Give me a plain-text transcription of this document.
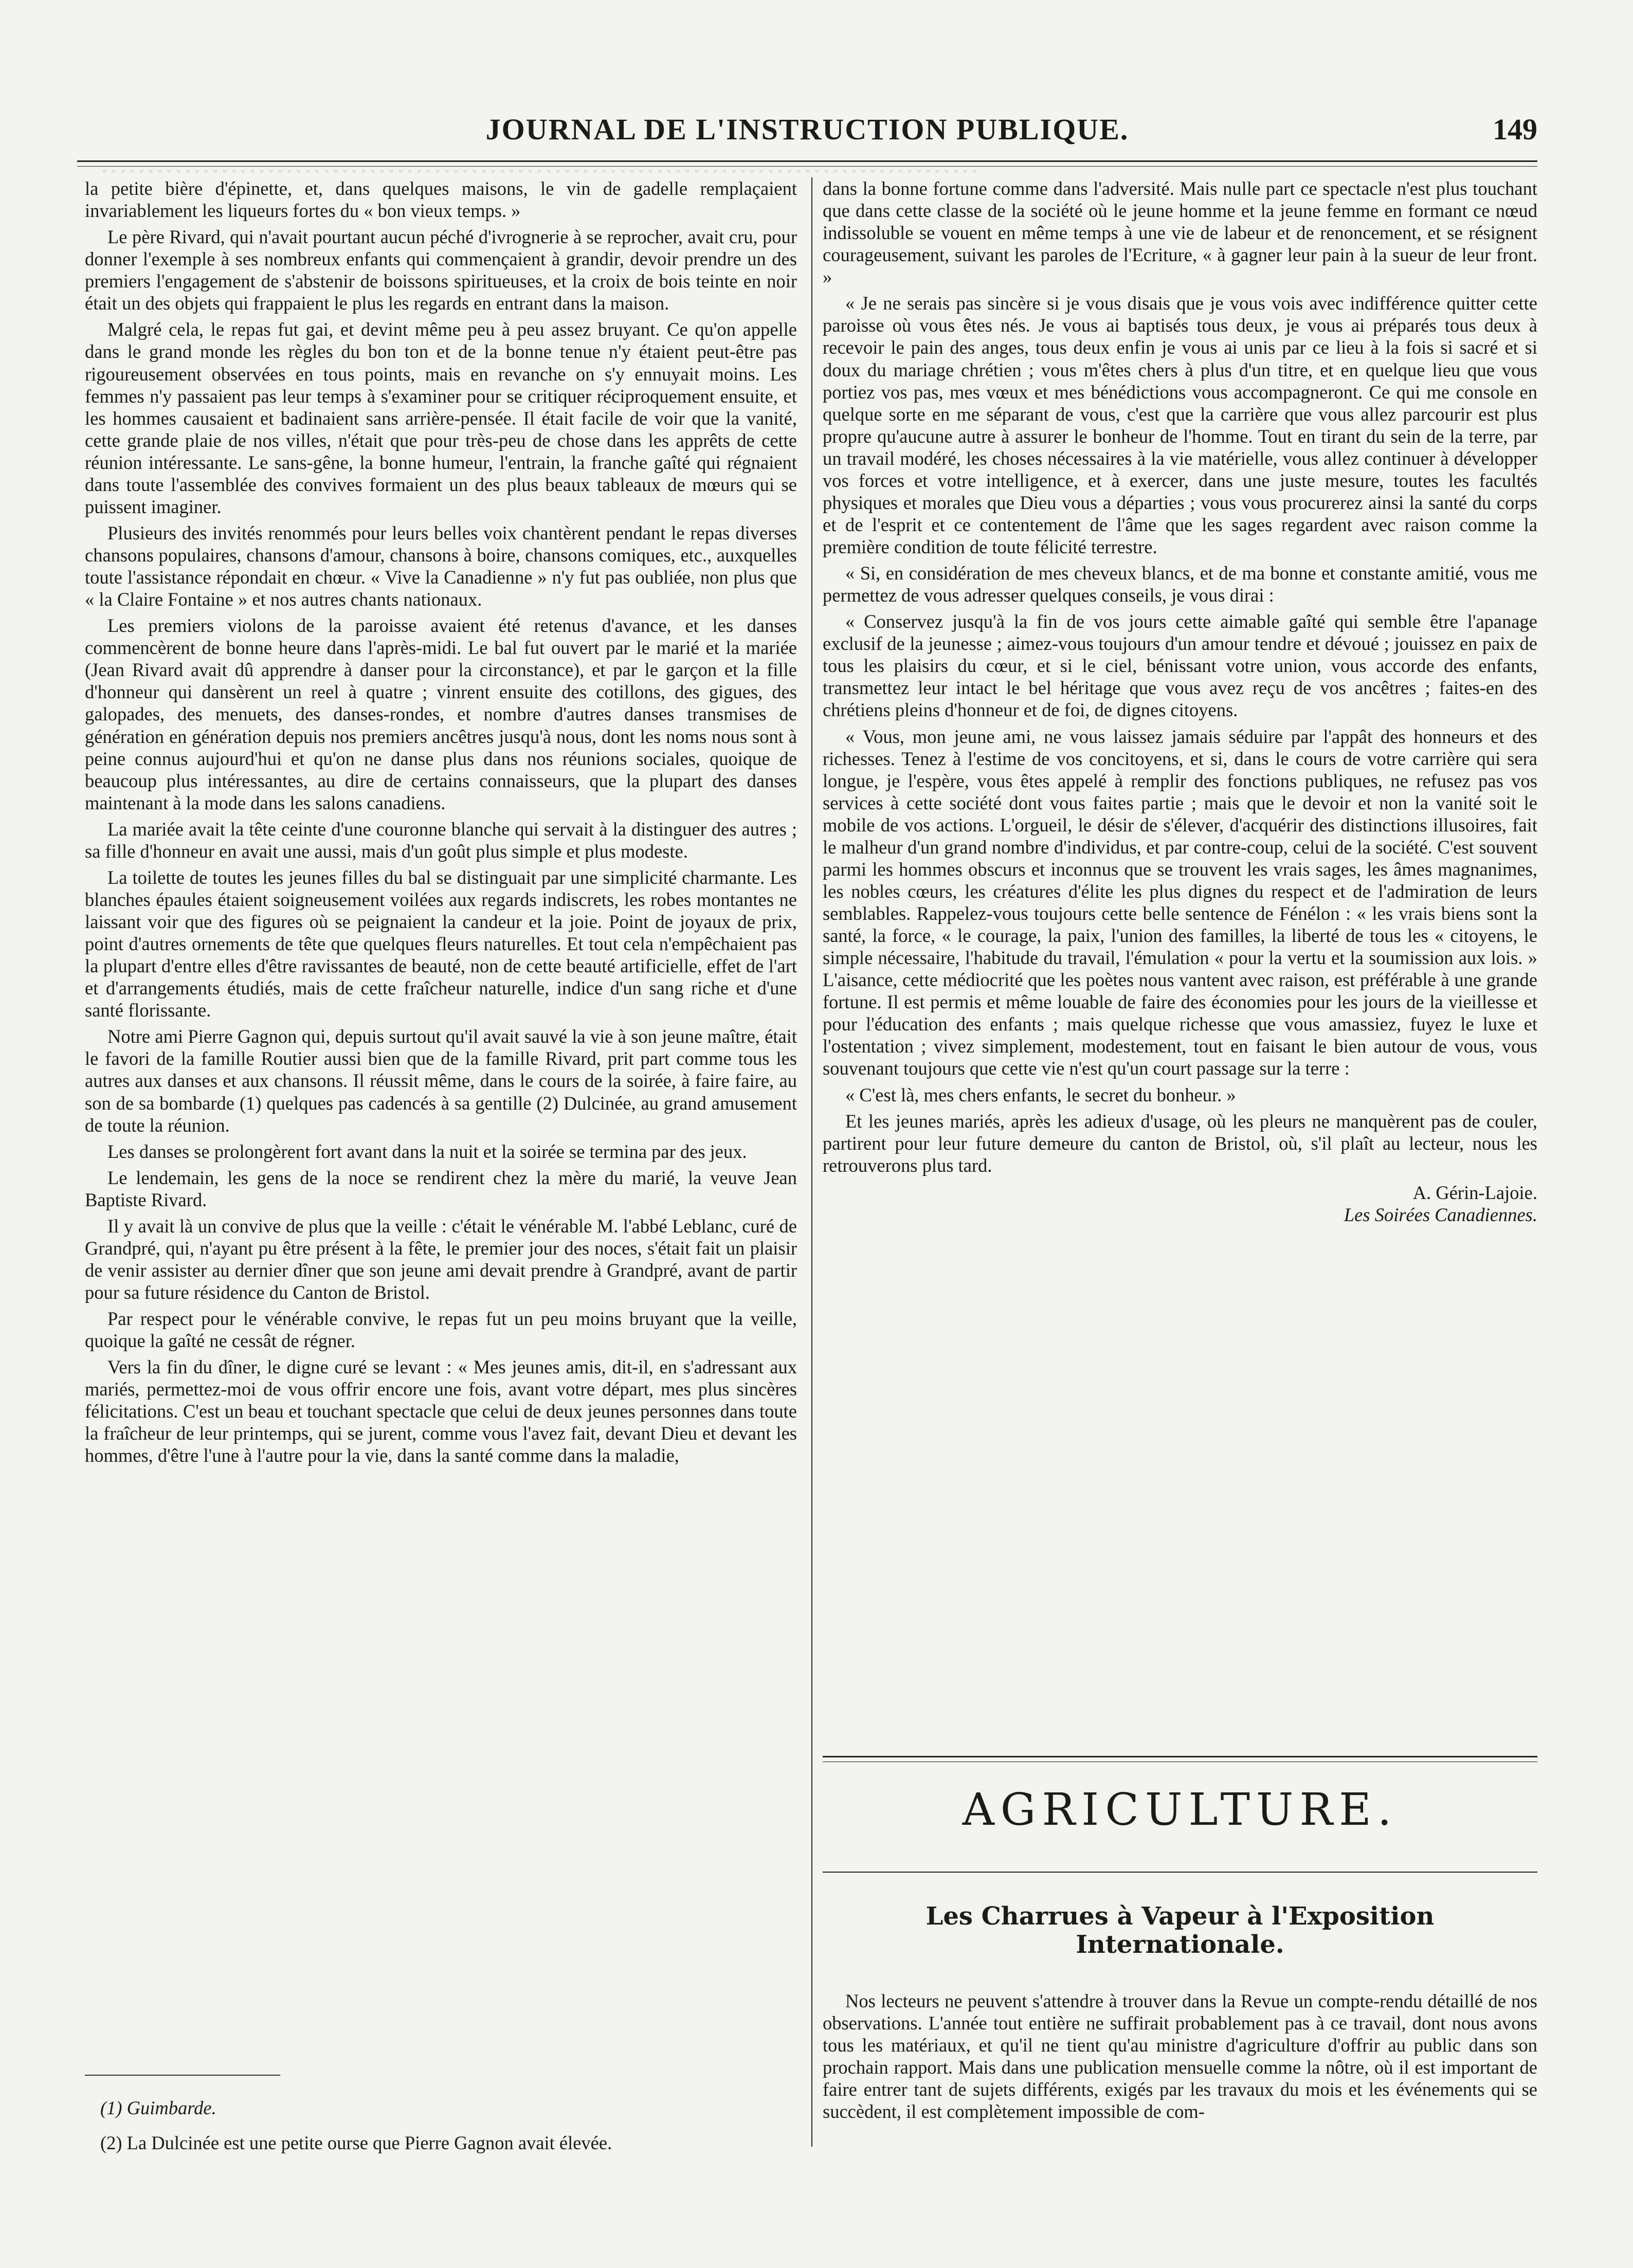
JOURNAL DE L'INSTRUCTION PUBLIQUE.	149

la petite bière d'épinette, et, dans quelques maisons, le vin de gadelle remplaçaient invariablement les liqueurs fortes du « bon vieux temps. »

Le père Rivard, qui n'avait pourtant aucun péché d'ivrognerie à se reprocher, avait cru, pour donner l'exemple à ses nombreux enfants qui commençaient à grandir, devoir prendre un des premiers l'engagement de s'abstenir de boissons spiritueuses, et la croix de bois teinte en noir était un des objets qui frappaient le plus les regards en entrant dans la maison.

Malgré cela, le repas fut gai, et devint même peu à peu assez bruyant. Ce qu'on appelle dans le grand monde les règles du bon ton et de la bonne tenue n'y étaient peut-être pas rigoureusement observées en tous points, mais en revanche on s'y ennuyait moins. Les femmes n'y passaient pas leur temps à s'examiner pour se critiquer réciproquement ensuite, et les hommes causaient et badinaient sans arrière-pensée. Il était facile de voir que la vanité, cette grande plaie de nos villes, n'était que pour très-peu de chose dans les apprêts de cette réunion intéressante. Le sans-gêne, la bonne humeur, l'entrain, la franche gaîté qui régnaient dans toute l'assemblée des convives formaient un des plus beaux tableaux de mœurs qui se puissent imaginer.

Plusieurs des invités renommés pour leurs belles voix chantèrent pendant le repas diverses chansons populaires, chansons d'amour, chansons à boire, chansons comiques, etc., auxquelles toute l'assistance répondait en chœur. « Vive la Canadienne » n'y fut pas oubliée, non plus que « la Claire Fontaine » et nos autres chants nationaux.

Les premiers violons de la paroisse avaient été retenus d'avance, et les danses commencèrent de bonne heure dans l'après-midi. Le bal fut ouvert par le marié et la mariée (Jean Rivard avait dû apprendre à danser pour la circonstance), et par le garçon et la fille d'honneur qui dansèrent un reel à quatre ; vinrent ensuite des cotillons, des gigues, des galopades, des menuets, des danses-rondes, et nombre d'autres danses transmises de génération en génération depuis nos premiers ancêtres jusqu'à nous, dont les noms nous sont à peine connus aujourd'hui et qu'on ne danse plus dans nos réunions sociales, quoique de beaucoup plus intéressantes, au dire de certains connaisseurs, que la plupart des danses maintenant à la mode dans les salons canadiens.

La mariée avait la tête ceinte d'une couronne blanche qui servait à la distinguer des autres ; sa fille d'honneur en avait une aussi, mais d'un goût plus simple et plus modeste.

La toilette de toutes les jeunes filles du bal se distinguait par une simplicité charmante. Les blanches épaules étaient soigneusement voilées aux regards indiscrets, les robes montantes ne laissant voir que des figures où se peignaient la candeur et la joie. Point de joyaux de prix, point d'autres ornements de tête que quelques fleurs naturelles. Et tout cela n'empêchaient pas la plupart d'entre elles d'être ravissantes de beauté, non de cette beauté artificielle, effet de l'art et d'arrangements étudiés, mais de cette fraîcheur naturelle, indice d'un sang riche et d'une santé florissante.

Notre ami Pierre Gagnon qui, depuis surtout qu'il avait sauvé la vie à son jeune maître, était le favori de la famille Routier aussi bien que de la famille Rivard, prit part comme tous les autres aux danses et aux chansons. Il réussit même, dans le cours de la soirée, à faire faire, au son de sa bombarde (1) quelques pas cadencés à sa gentille (2) Dulcinée, au grand amusement de toute la réunion.

Les danses se prolongèrent fort avant dans la nuit et la soirée se termina par des jeux.

Le lendemain, les gens de la noce se rendirent chez la mère du marié, la veuve Jean Baptiste Rivard.

Il y avait là un convive de plus que la veille : c'était le vénérable M. l'abbé Leblanc, curé de Grandpré, qui, n'ayant pu être présent à la fête, le premier jour des noces, s'était fait un plaisir de venir assister au dernier dîner que son jeune ami devait prendre à Grandpré, avant de partir pour sa future résidence du Canton de Bristol.

Par respect pour le vénérable convive, le repas fut un peu moins bruyant que la veille, quoique la gaîté ne cessât de régner.

Vers la fin du dîner, le digne curé se levant : « Mes jeunes amis, dit-il, en s'adressant aux mariés, permettez-moi de vous offrir encore une fois, avant votre départ, mes plus sincères félicitations. C'est un beau et touchant spectacle que celui de deux jeunes personnes dans toute la fraîcheur de leur printemps, qui se jurent, comme vous l'avez fait, devant Dieu et devant les hommes, d'être l'une à l'autre pour la vie, dans la santé comme dans la maladie,

(1) Guimbarde.

(2) La Dulcinée est une petite ourse que Pierre Gagnon avait élevée.

dans la bonne fortune comme dans l'adversité. Mais nulle part ce spectacle n'est plus touchant que dans cette classe de la société où le jeune homme et la jeune femme en formant ce nœud indissoluble se vouent en même temps à une vie de labeur et de renoncement, et se résignent courageusement, suivant les paroles de l'Ecriture, « à gagner leur pain à la sueur de leur front. »

« Je ne serais pas sincère si je vous disais que je vous vois avec indifférence quitter cette paroisse où vous êtes nés. Je vous ai baptisés tous deux, je vous ai préparés tous deux à recevoir le pain des anges, tous deux enfin je vous ai unis par ce lieu à la fois si sacré et si doux du mariage chrétien ; vous m'êtes chers à plus d'un titre, et en quelque lieu que vous portiez vos pas, mes vœux et mes bénédictions vous accompagneront. Ce qui me console en quelque sorte en me séparant de vous, c'est que la carrière que vous allez parcourir est plus propre qu'aucune autre à assurer le bonheur de l'homme. Tout en tirant du sein de la terre, par un travail modéré, les choses nécessaires à la vie matérielle, vous allez continuer à développer vos forces et votre intelligence, et à exercer, dans une juste mesure, toutes les facultés physiques et morales que Dieu vous a départies ; vous vous procurerez ainsi la santé du corps et de l'esprit et ce contentement de l'âme que les sages regardent avec raison comme la première condition de toute félicité terrestre.

« Si, en considération de mes cheveux blancs, et de ma bonne et constante amitié, vous me permettez de vous adresser quelques conseils, je vous dirai :

« Conservez jusqu'à la fin de vos jours cette aimable gaîté qui semble être l'apanage exclusif de la jeunesse ; aimez-vous toujours d'un amour tendre et dévoué ; jouissez en paix de tous les plaisirs du cœur, et si le ciel, bénissant votre union, vous accorde des enfants, transmettez leur intact le bel héritage que vous avez reçu de vos ancêtres ; faites-en des chrétiens pleins d'honneur et de foi, de dignes citoyens.

« Vous, mon jeune ami, ne vous laissez jamais séduire par l'appât des honneurs et des richesses. Tenez à l'estime de vos concitoyens, et si, dans le cours de votre carrière qui sera longue, je l'espère, vous êtes appelé à remplir des fonctions publiques, ne refusez pas vos services à cette société dont vous faites partie ; mais que le devoir et non la vanité soit le mobile de vos actions. L'orgueil, le désir de s'élever, d'acquérir des distinctions illusoires, fait le malheur d'un grand nombre d'individus, et par contre-coup, celui de la société. C'est souvent parmi les hommes obscurs et inconnus que se trouvent les vrais sages, les âmes magnanimes, les nobles cœurs, les créatures d'élite les plus dignes du respect et de l'admiration de leurs semblables. Rappelez-vous toujours cette belle sentence de Fénélon : « les vrais biens sont la santé, la force, « le courage, la paix, l'union des familles, la liberté de tous les « citoyens, le simple nécessaire, l'habitude du travail, l'émulation « pour la vertu et la soumission aux lois. » L'aisance, cette médiocrité que les poètes nous vantent avec raison, est préférable à une grande fortune. Il est permis et même louable de faire des économies pour les jours de la vieillesse et pour l'éducation des enfants ; mais quelque richesse que vous amassiez, fuyez le luxe et l'ostentation ; vivez simplement, modestement, tout en faisant le bien autour de vous, vous souvenant toujours que cette vie n'est qu'un court passage sur la terre :

« C'est là, mes chers enfants, le secret du bonheur. »

Et les jeunes mariés, après les adieux d'usage, où les pleurs ne manquèrent pas de couler, partirent pour leur future demeure du canton de Bristol, où, s'il plaît au lecteur, nous les retrouverons plus tard.

A. Gérin-Lajoie.
Les Soirées Canadiennes.
AGRICULTURE.
Les Charrues à Vapeur à l'Exposition Internationale.

Nos lecteurs ne peuvent s'attendre à trouver dans la Revue un compte-rendu détaillé de nos observations. L'année tout entière ne suffirait probablement pas à ce travail, dont nous avons tous les matériaux, et qu'il ne tient qu'au ministre d'agriculture d'offrir au public dans son prochain rapport. Mais dans une publication mensuelle comme la nôtre, où il est important de faire entrer tant de sujets différents, exigés par les travaux du mois et les événements qui se succèdent, il est complètement impossible de com-
